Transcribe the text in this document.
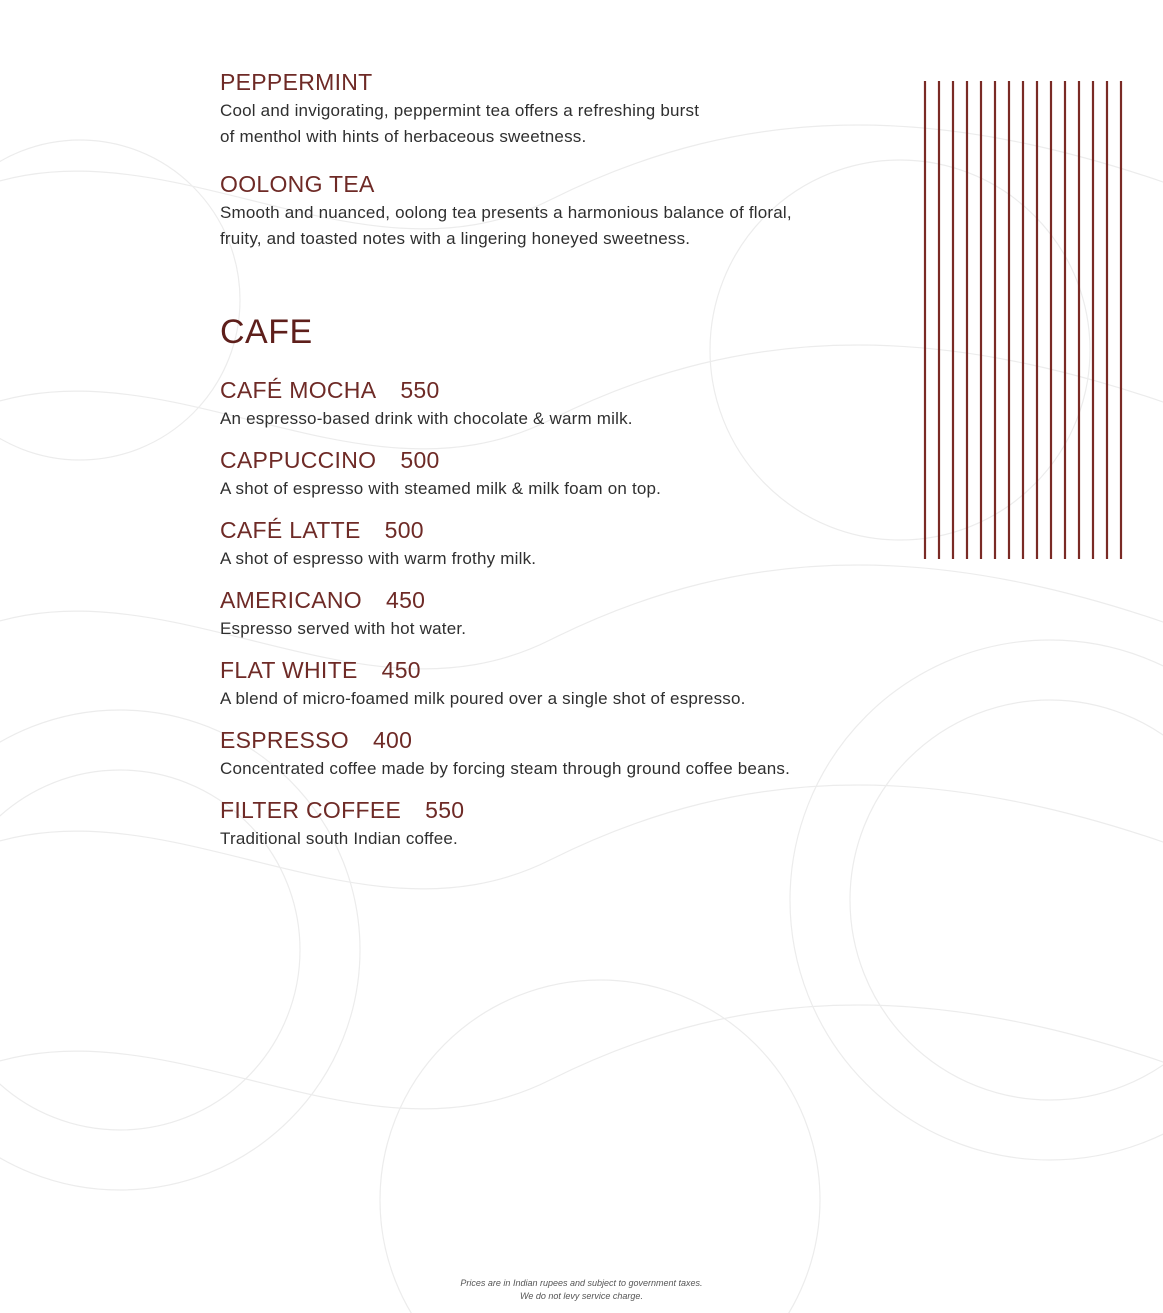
PEPPERMINT
Cool and invigorating, peppermint tea offers a refreshing burst
of menthol with hints of herbaceous sweetness.
OOLONG TEA
Smooth and nuanced, oolong tea presents a harmonious balance of floral,
fruity, and toasted notes with a lingering honeyed sweetness.
CAFE
CAFÉ MOCHA 550
An espresso-based drink with chocolate & warm milk.
CAPPUCCINO 500
A shot of espresso with steamed milk & milk foam on top.
CAFÉ LATTE 500
A shot of espresso with warm frothy milk.
AMERICANO 450
Espresso served with hot water.
FLAT WHITE 450
A blend of micro-foamed milk poured over a single shot of espresso.
ESPRESSO 400
Concentrated coffee made by forcing steam through ground coffee beans.
FILTER COFFEE 550
Traditional south Indian coffee.
Prices are in Indian rupees and subject to government taxes.
We do not levy service charge.
